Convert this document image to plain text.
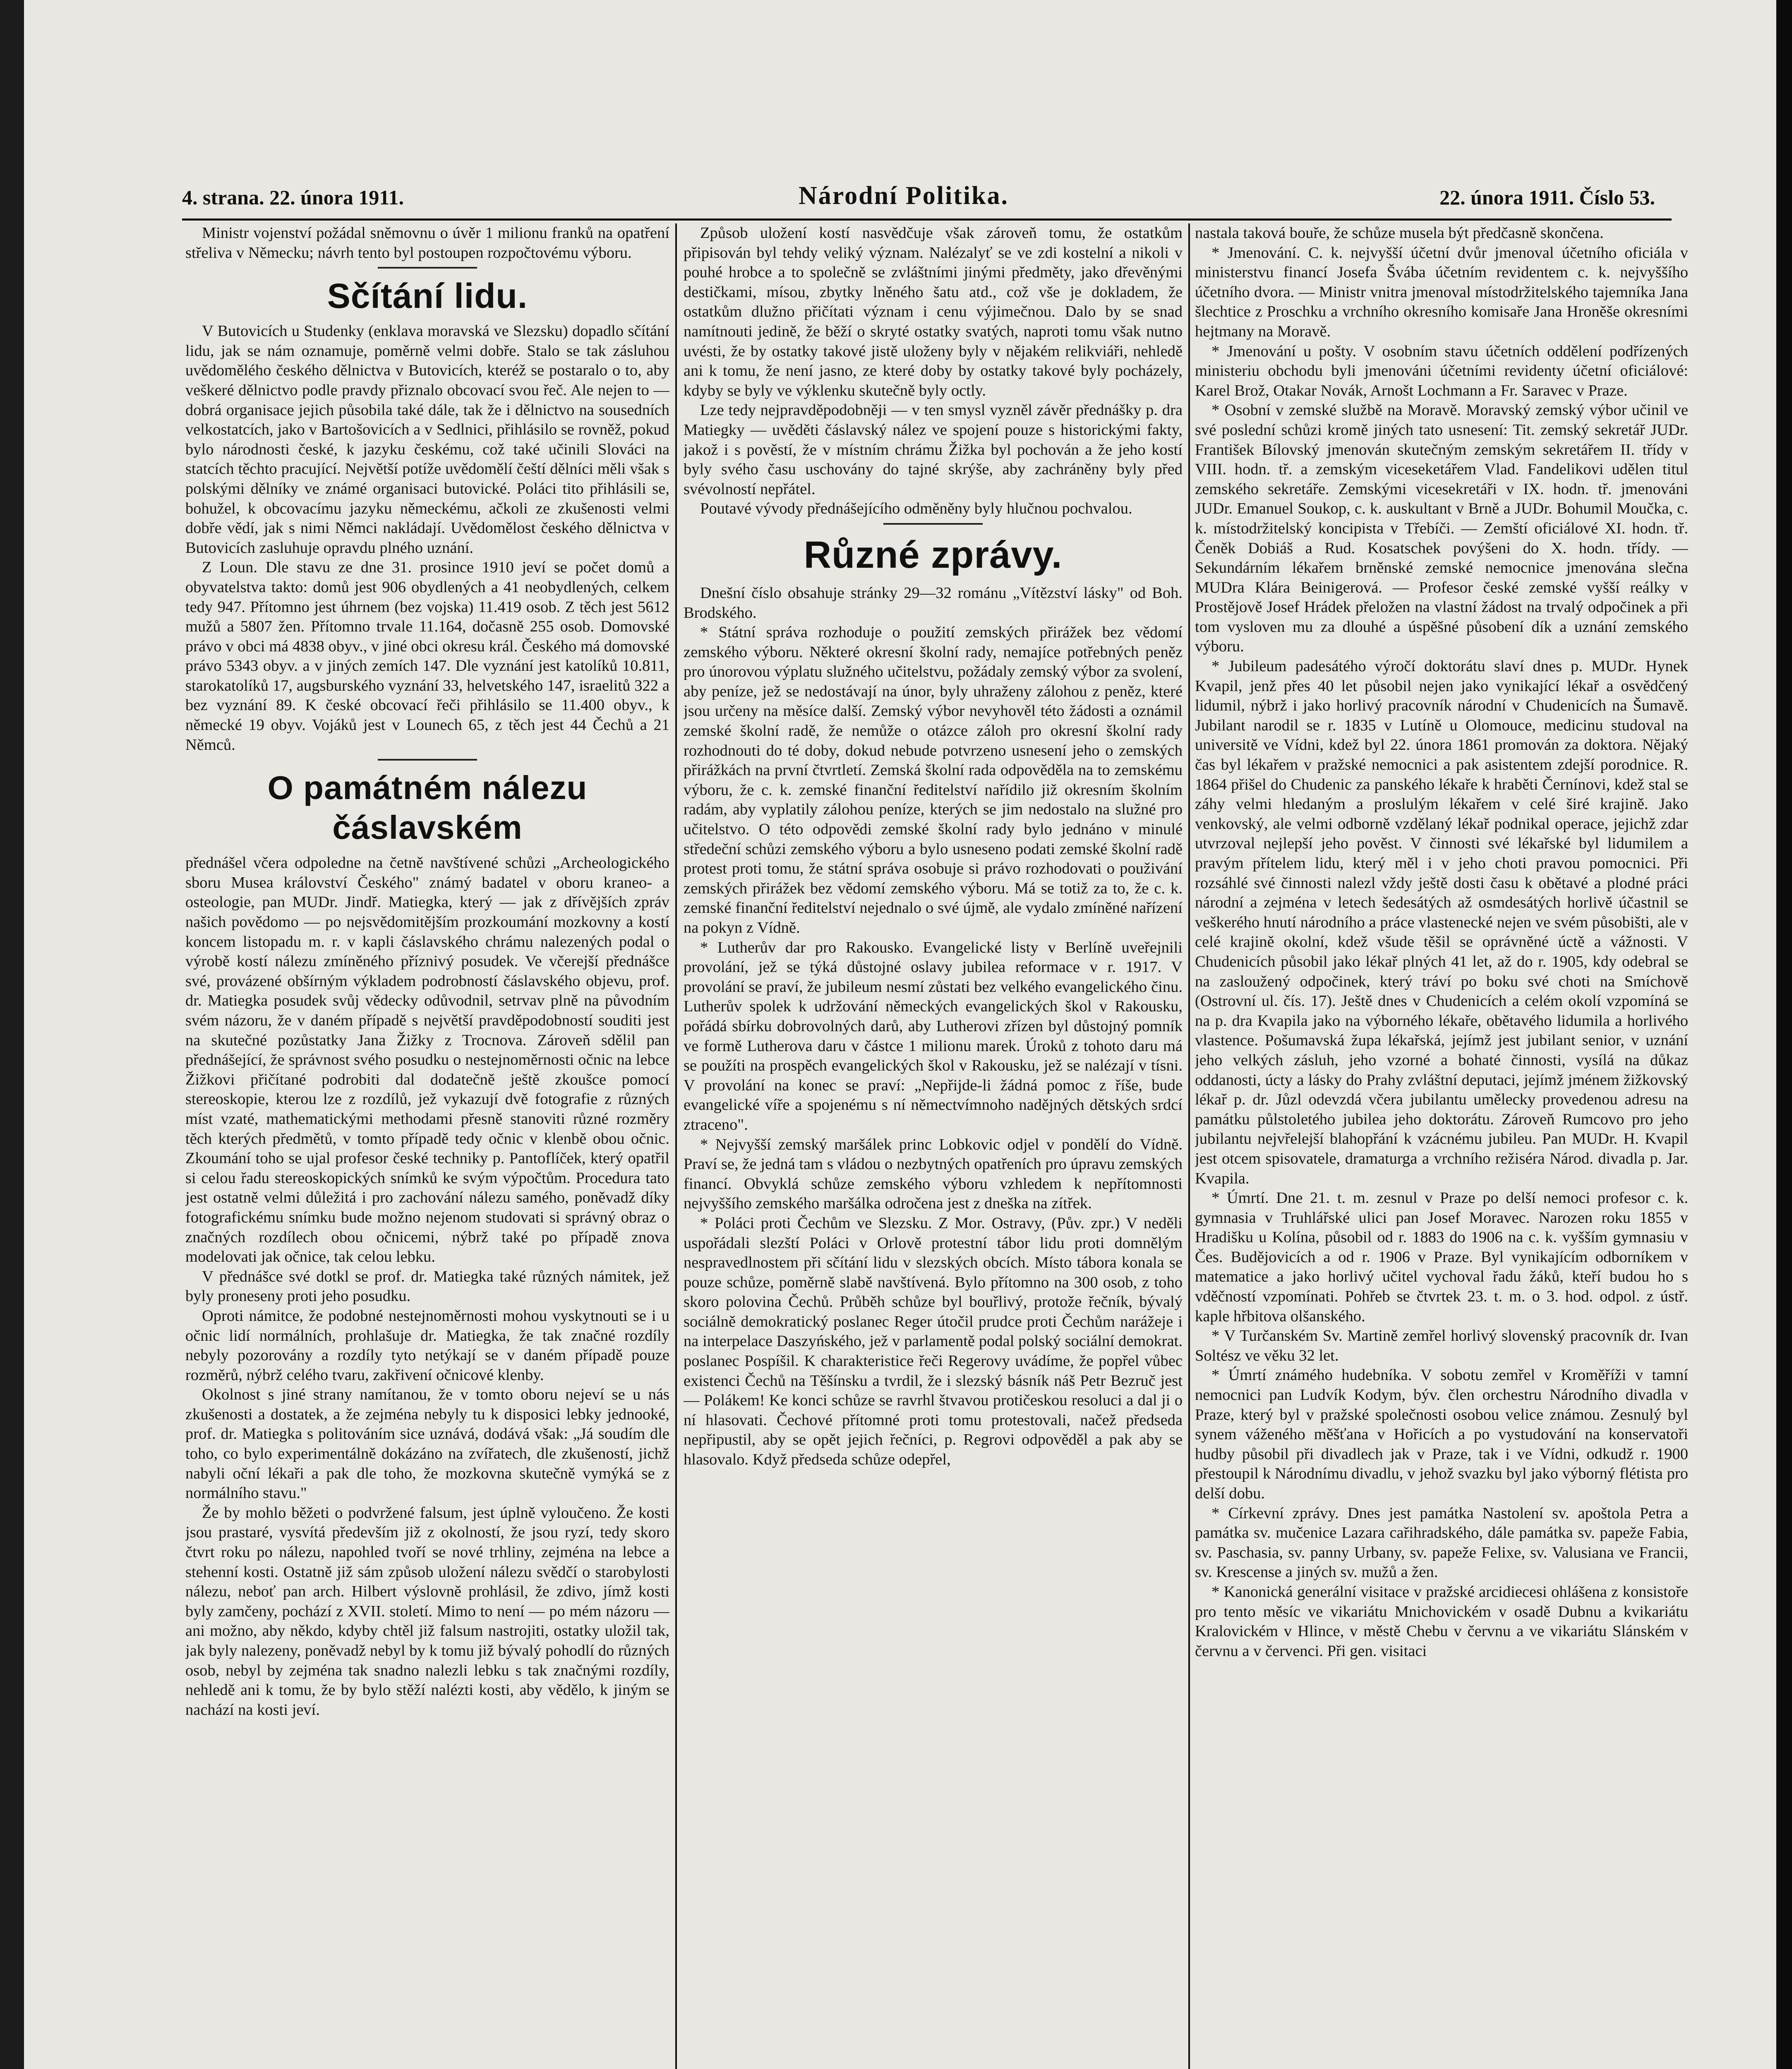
4. strana. 22. února 1911.	Národní Politika.	22. února 1911. Číslo 53.

Ministr vojenství požádal sněmovnu o úvěr 1 milionu franků na opatření střeliva v Německu; návrh tento byl postoupen rozpočtovému výboru.

Sčítání lidu.

V Butovicích u Studenky (enklava moravská ve Slezsku) dopadlo sčítání lidu, jak se nám oznamuje, poměrně velmi dobře. Stalo se tak zásluhou uvědomělého českého dělnictva v Butovicích, kteréž se postaralo o to, aby veškeré dělnictvo podle pravdy přiznalo obcovací svou řeč. Ale nejen to — dobrá organisace jejich působila také dále, tak že i dělnictvo na sousedních velkostatcích, jako v Bartošovicích a v Sedlnici, přihlásilo se rovněž, pokud bylo národnosti české, k jazyku českému, což také učinili Slováci na statcích těchto pracující. Největší potíže uvědomělí čeští dělníci měli však s polskými dělníky ve známé organisaci butovické. Poláci tito přihlásili se, bohužel, k obcovacímu jazyku německému, ačkoli ze zkušenosti velmi dobře vědí, jak s nimi Němci nakládají. Uvědomělost českého dělnictva v Butovicích zasluhuje opravdu plného uznání.

Z Loun. Dle stavu ze dne 31. prosince 1910 jeví se počet domů a obyvatelstva takto: domů jest 906 obydlených a 41 neobydlených, celkem tedy 947. Přítomno jest úhrnem (bez vojska) 11.419 osob. Z těch jest 5612 mužů a 5807 žen. Přítomno trvale 11.164, dočasně 255 osob. Domovské právo v obci má 4838 obyv., v jiné obci okresu král. Českého má domovské právo 5343 obyv. a v jiných zemích 147. Dle vyznání jest katolíků 10.811, starokatolíků 17, augsburského vyznání 33, helvetského 147, israelitů 322 a bez vyznání 89. K české obcovací řeči přihlásilo se 11.400 obyv., k německé 19 obyv. Vojáků jest v Lounech 65, z těch jest 44 Čechů a 21 Němců.

O památném nálezu čáslavském

přednášel včera odpoledne na četně navštívené schůzi „Archeologického sboru Musea království Českého" známý badatel v oboru kraneo- a osteologie, pan MUDr. Jindř. Matiegka, který — jak z dřívějších zpráv našich povědomo — po nejsvědomitějším prozkoumání mozkovny a kostí koncem listopadu m. r. v kapli čáslavského chrámu nalezených podal o výrobě kostí nálezu zmíněného příznivý posudek. Ve včerejší přednášce své, provázené obšírným výkladem podrobností čáslavského objevu, prof. dr. Matiegka posudek svůj vědecky odůvodnil, setrvav plně na původním svém názoru, že v daném případě s největší pravděpodobností souditi jest na skutečné pozůstatky Jana Žižky z Trocnova. Zároveň sdělil pan přednášející, že správnost svého posudku o nestejnoměrnosti očnic na lebce Žižkovi přičítané podrobiti dal dodatečně ještě zkoušce pomocí stereoskopie, kterou lze z rozdílů, jež vykazují dvě fotografie z různých míst vzaté, mathematickými methodami přesně stanoviti různé rozměry těch kterých předmětů, v tomto případě tedy očnic v klenbě obou očnic. Zkoumání toho se ujal profesor české techniky p. Pantoflíček, který opatřil si celou řadu stereoskopických snímků ke svým výpočtům. Procedura tato jest ostatně velmi důležitá i pro zachování nálezu samého, poněvadž díky fotografickému snímku bude možno nejenom studovati si správný obraz o značných rozdílech obou očnicemi, nýbrž také po případě znova modelovati jak očnice, tak celou lebku.

V přednášce své dotkl se prof. dr. Matiegka také různých námitek, jež byly proneseny proti jeho posudku.

Oproti námitce, že podobné nestejnoměrnosti mohou vyskytnouti se i u očnic lidí normálních, prohlašuje dr. Matiegka, že tak značné rozdíly nebyly pozorovány a rozdíly tyto netýkají se v daném případě pouze rozměrů, nýbrž celého tvaru, zakřivení očnicové klenby.

Okolnost s jiné strany namítanou, že v tomto oboru nejeví se u nás zkušenosti a dostatek, a že zejména nebyly tu k disposici lebky jednooké, prof. dr. Matiegka s politováním sice uznává, dodává však: „Já soudím dle toho, co bylo experimentálně dokázáno na zvířatech, dle zkušeností, jichž nabyli oční lékaři a pak dle toho, že mozkovna skutečně vymýká se z normálního stavu."

Že by mohlo běžeti o podvržené falsum, jest úplně vyloučeno. Že kosti jsou prastaré, vysvítá především již z okolností, že jsou ryzí, tedy skoro čtvrt roku po nálezu, napohled tvoří se nové trhliny, zejména na lebce a stehenní kosti. Ostatně již sám způsob uložení nálezu svědčí o starobylosti nálezu, neboť pan arch. Hilbert výslovně prohlásil, že zdivo, jímž kosti byly zamčeny, pochází z XVII. století. Mimo to není — po mém názoru — ani možno, aby někdo, kdyby chtěl již falsum nastrojiti, ostatky uložil tak, jak byly nalezeny, poněvadž nebyl by k tomu již bývalý pohodlí do různých osob, nebyl by zejména tak snadno nalezli lebku s tak značnými rozdíly, nehledě ani k tomu, že by bylo stěží nalézti kosti, aby vědělo, k jiným se nachází na kosti jeví.

Způsob uložení kostí nasvědčuje však zároveň tomu, že ostatkům připisován byl tehdy veliký význam. Nalézalyť se ve zdi kostelní a nikoli v pouhé hrobce a to společně se zvláštními jinými předměty, jako dřevěnými destičkami, mísou, zbytky lněného šatu atd., což vše je dokladem, že ostatkům dlužno přičítati význam i cenu výjimečnou. Dalo by se snad namítnouti jedině, že běží o skryté ostatky svatých, naproti tomu však nutno uvésti, že by ostatky takové jistě uloženy byly v nějakém relikviáři, nehledě ani k tomu, že není jasno, ze které doby by ostatky takové byly pocházely, kdyby se byly ve výklenku skutečně byly octly.

Lze tedy nejpravděpodobněji — v ten smysl vyzněl závěr přednášky p. dra Matiegky — uvěděti čáslavský nález ve spojení pouze s historickými fakty, jakož i s pověstí, že v místním chrámu Žižka byl pochován a že jeho kostí byly svého času uschovány do tajné skrýše, aby zachráněny byly před svévolností nepřátel.

Poutavé vývody přednášejícího odměněny byly hlučnou pochvalou.

Různé zprávy.

Dnešní číslo obsahuje stránky 29—32 románu „Vítězství lásky" od Boh. Brodského.

* Státní správa rozhoduje o použití zemských přirážek bez vědomí zemského výboru. Některé okresní školní rady, nemajíce potřebných peněz pro únorovou výplatu služného učitelstvu, požádaly zemský výbor za svolení, aby peníze, jež se nedostávají na únor, byly uhraženy zálohou z peněz, které jsou určeny na měsíce další. Zemský výbor nevyhověl této žádosti a oznámil zemské školní radě, že nemůže o otázce záloh pro okresní školní rady rozhodnouti do té doby, dokud nebude potvrzeno usnesení jeho o zemských přirážkách na první čtvrtletí. Zemská školní rada odpověděla na to zemskému výboru, že c. k. zemské finanční ředitelství nařídilo již okresním školním radám, aby vyplatily zálohou peníze, kterých se jim nedostalo na služné pro učitelstvo. O této odpovědi zemské školní rady bylo jednáno v minulé středeční schůzi zemského výboru a bylo usneseno podati zemské školní radě protest proti tomu, že státní správa osobuje si právo rozhodovati o použivání zemských přirážek bez vědomí zemského výboru. Má se totiž za to, že c. k. zemské finanční ředitelství nejednalo o své újmě, ale vydalo zmíněné nařízení na pokyn z Vídně.

* Lutherův dar pro Rakousko. Evangelické listy v Berlíně uveřejnili provolání, jež se týká důstojné oslavy jubilea reformace v r. 1917. V provolání se praví, že jubileum nesmí zůstati bez velkého evangelického činu. Lutherův spolek k udržování německých evangelických škol v Rakousku, pořádá sbírku dobrovolných darů, aby Lutherovi zřízen byl důstojný pomník ve formě Lutherova daru v částce 1 milionu marek. Úroků z tohoto daru má se použíti na prospěch evangelických škol v Rakousku, jež se nalézají v tísni. V provolání na konec se praví: „Nepřijde-li žádná pomoc z říše, bude evangelické víře a spojenému s ní němectvímnoho nadějných dětských srdcí ztraceno".

* Nejvyšší zemský maršálek princ Lobkovic odjel v pondělí do Vídně. Praví se, že jedná tam s vládou o nezbytných opatřeních pro úpravu zemských financí. Obvyklá schůze zemského výboru vzhledem k nepřítomnosti nejvyššího zemského maršálka odročena jest z dneška na zítřek.

* Poláci proti Čechům ve Slezsku. Z Mor. Ostravy, (Pův. zpr.) V neděli uspořádali slezští Poláci v Orlově protestní tábor lidu proti domnělým nespravedlnostem při sčítání lidu v slezských obcích. Místo tábora konala se pouze schůze, poměrně slabě navštívená. Bylo přítomno na 300 osob, z toho skoro polovina Čechů. Průběh schůze byl bouřlivý, protože řečník, bývalý sociálně demokratický poslanec Reger útočil prudce proti Čechům narážeje i na interpelace Daszyńského, jež v parlamentě podal polský sociální demokrat. poslanec Pospíšil. K charakteristice řeči Regerovy uvádíme, že popřel vůbec existenci Čechů na Těšínsku a tvrdil, že i slezský básník náš Petr Bezruč jest — Polákem! Ke konci schůze se ravrhl štvavou protičeskou resoluci a dal ji o ní hlasovati. Čechové přítomné proti tomu protestovali, načež předseda nepřipustil, aby se opět jejich řečníci, p. Regrovi odpověděl a pak aby se hlasovalo. Když předseda schůze odepřel,

nastala taková bouře, že schůze musela být předčasně skončena.

* Jmenování. C. k. nejvyšší účetní dvůr jmenoval účetního oficiála v ministerstvu financí Josefa Švába účetním revidentem c. k. nejvyššího účetního dvora. — Ministr vnitra jmenoval místodržitelského tajemníka Jana šlechtice z Proschku a vrchního okresního komisaře Jana Hroněše okresními hejtmany na Moravě.

* Jmenování u pošty. V osobním stavu účetních oddělení podřízených ministeriu obchodu byli jmenováni účetními revidenty účetní oficiálové: Karel Brož, Otakar Novák, Arnošt Lochmann a Fr. Saravec v Praze.

* Osobní v zemské službě na Moravě. Moravský zemský výbor učinil ve své poslední schůzi kromě jiných tato usnesení: Tit. zemský sekretář JUDr. František Bílovský jmenován skutečným zemským sekretářem II. třídy v VIII. hodn. tř. a zemským viceseketářem Vlad. Fandelikovi udělen titul zemského sekretáře. Zemskými vicesekretáři v IX. hodn. tř. jmenováni JUDr. Emanuel Soukop, c. k. auskultant v Brně a JUDr. Bohumil Moučka, c. k. místodržitelský koncipista v Třebíči. — Zemští oficiálové XI. hodn. tř. Čeněk Dobiáš a Rud. Kosatschek povýšeni do X. hodn. třídy. — Sekundárním lékařem brněnské zemské nemocnice jmenována slečna MUDra Klára Beinigerová. — Profesor české zemské vyšší reálky v Prostějově Josef Hrádek přeložen na vlastní žádost na trvalý odpočinek a při tom vysloven mu za dlouhé a úspěšné působení dík a uznání zemského výboru.

* Jubileum padesátého výročí doktorátu slaví dnes p. MUDr. Hynek Kvapil, jenž přes 40 let působil nejen jako vynikající lékař a osvědčený lidumil, nýbrž i jako horlivý pracovník národní v Chudenicích na Šumavě. Jubilant narodil se r. 1835 v Lutíně u Olomouce, medicinu studoval na universitě ve Vídni, kdež byl 22. února 1861 promován za doktora. Nějaký čas byl lékařem v pražské nemocnici a pak asistentem zdejší porodnice. R. 1864 přišel do Chudenic za panského lékaře k hraběti Černínovi, kdež stal se záhy velmi hledaným a proslulým lékařem v celé širé krajině. Jako venkovský, ale velmi odborně vzdělaný lékař podnikal operace, jejichž zdar utvrzoval nejlepší jeho pověst. V činnosti své lékařské byl lidumilem a pravým přítelem lidu, který měl i v jeho choti pravou pomocnici. Při rozsáhlé své činnosti nalezl vždy ještě dosti času k obětavé a plodné práci národní a zejména v letech šedesátých až osmdesátých horlivě účastnil se veškerého hnutí národního a práce vlastenecké nejen ve svém působišti, ale v celé krajině okolní, kdež všude těšil se oprávněné úctě a vážnosti. V Chudenicích působil jako lékař plných 41 let, až do r. 1905, kdy odebral se na zasloužený odpočinek, který tráví po boku své choti na Smíchově (Ostrovní ul. čís. 17). Ještě dnes v Chudenicích a celém okolí vzpomíná se na p. dra Kvapila jako na výborného lékaře, obětavého lidumila a horlivého vlastence. Pošumavská župa lékařská, jejímž jest jubilant senior, v uznání jeho velkých zásluh, jeho vzorné a bohaté činnosti, vysílá na důkaz oddanosti, úcty a lásky do Prahy zvláštní deputaci, jejímž jménem žižkovský lékař p. dr. Jůzl odevzdá včera jubilantu umělecky provedenou adresu na památku půlstoletého jubilea jeho doktorátu. Zároveň Rumcovo pro jeho jubilantu nejvřelejší blahopřání k vzácnému jubileu. Pan MUDr. H. Kvapil jest otcem spisovatele, dramaturga a vrchního režiséra Národ. divadla p. Jar. Kvapila.

* Úmrtí. Dne 21. t. m. zesnul v Praze po delší nemoci profesor c. k. gymnasia v Truhlářské ulici pan Josef Moravec. Narozen roku 1855 v Hradišku u Kolína, působil od r. 1883 do 1906 na c. k. vyšším gymnasiu v Čes. Budějovicích a od r. 1906 v Praze. Byl vynikajícím odborníkem v matematice a jako horlivý učitel vychoval řadu žáků, kteří budou ho s vděčností vzpomínati. Pohřeb se čtvrtek 23. t. m. o 3. hod. odpol. z ústř. kaple hřbitova olšanského.

* V Turčanském Sv. Martině zemřel horlivý slovenský pracovník dr. Ivan Soltész ve věku 32 let.

* Úmrtí známého hudebníka. V sobotu zemřel v Kroměříži v tamní nemocnici pan Ludvík Kodym, býv. člen orchestru Národního divadla v Praze, který byl v pražské společnosti osobou velice známou. Zesnulý byl synem váženého měšťana v Hořicích a po vystudování na konservatoři hudby působil při divadlech jak v Praze, tak i ve Vídni, odkudž r. 1900 přestoupil k Národnímu divadlu, v jehož svazku byl jako výborný flétista pro delší dobu.

* Církevní zprávy. Dnes jest památka Nastolení sv. apoštola Petra a památka sv. mučenice Lazara cařihradského, dále památka sv. papeže Fabia, sv. Paschasia, sv. panny Urbany, sv. papeže Felixe, sv. Valusiana ve Francii, sv. Krescense a jiných sv. mužů a žen.

* Kanonická generální visitace v pražské arcidiecesi ohlášena z konsistoře pro tento měsíc ve vikariátu Mnichovickém v osadě Dubnu a kvikariátu Kralovickém v Hlince, v městě Chebu v červnu a ve vikariátu Slánském v červnu a v červenci. Při gen. visitaci
